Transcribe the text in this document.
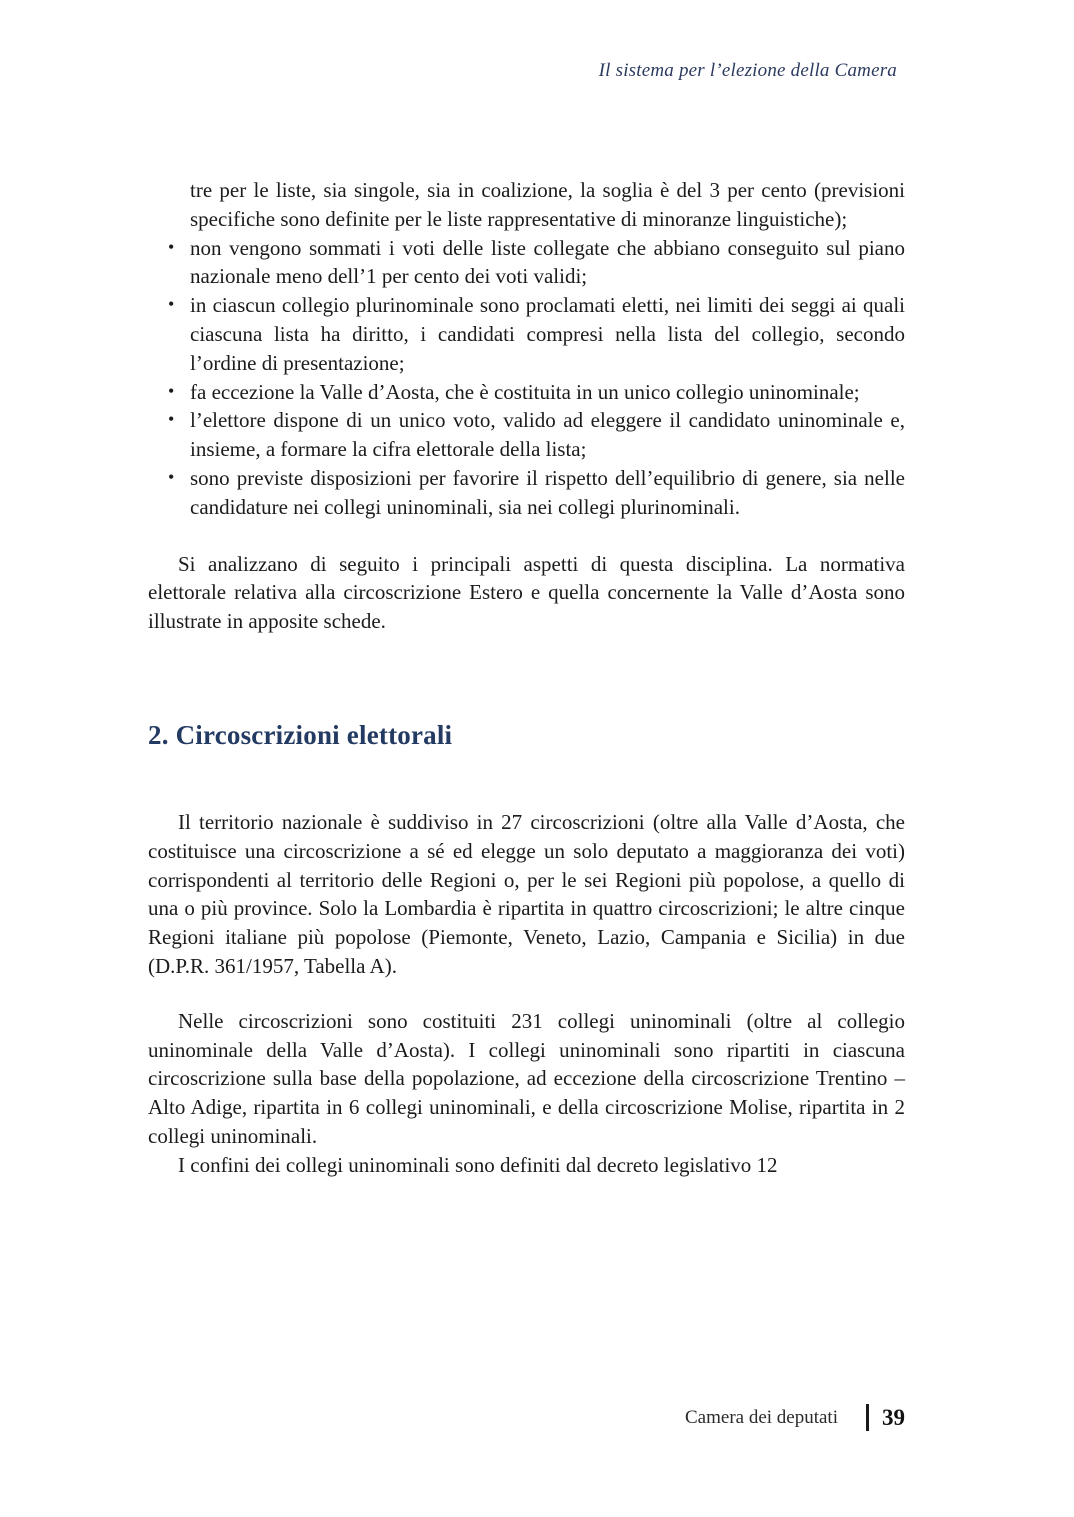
Il sistema per l’elezione della Camera
tre per le liste, sia singole, sia in coalizione, la soglia è del 3 per cento (previsioni specifiche sono definite per le liste rappresentative di minoranze linguistiche);
• non vengono sommati i voti delle liste collegate che abbiano conseguito sul piano nazionale meno dell’1 per cento dei voti validi;
• in ciascun collegio plurinominale sono proclamati eletti, nei limiti dei seggi ai quali ciascuna lista ha diritto, i candidati compresi nella lista del collegio, secondo l’ordine di presentazione;
• fa eccezione la Valle d’Aosta, che è costituita in un unico collegio uninominale;
• l’elettore dispone di un unico voto, valido ad eleggere il candidato uninominale e, insieme, a formare la cifra elettorale della lista;
• sono previste disposizioni per favorire il rispetto dell’equilibrio di genere, sia nelle candidature nei collegi uninominali, sia nei collegi plurinominali.

Si analizzano di seguito i principali aspetti di questa disciplina. La normativa elettorale relativa alla circoscrizione Estero e quella concernente la Valle d’Aosta sono illustrate in apposite schede.

2. Circoscrizioni elettorali

Il territorio nazionale è suddiviso in 27 circoscrizioni (oltre alla Valle d’Aosta, che costituisce una circoscrizione a sé ed elegge un solo deputato a maggioranza dei voti) corrispondenti al territorio delle Regioni o, per le sei Regioni più popolose, a quello di una o più province. Solo la Lombardia è ripartita in quattro circoscrizioni; le altre cinque Regioni italiane più popolose (Piemonte, Veneto, Lazio, Campania e Sicilia) in due (D.P.R. 361/1957, Tabella A).

Nelle circoscrizioni sono costituiti 231 collegi uninominali (oltre al collegio uninominale della Valle d’Aosta). I collegi uninominali sono ripartiti in ciascuna circoscrizione sulla base della popolazione, ad eccezione della circoscrizione Trentino – Alto Adige, ripartita in 6 collegi uninominali, e della circoscrizione Molise, ripartita in 2 collegi uninominali.

I confini dei collegi uninominali sono definiti dal decreto legislativo 12

Camera dei deputati 39
